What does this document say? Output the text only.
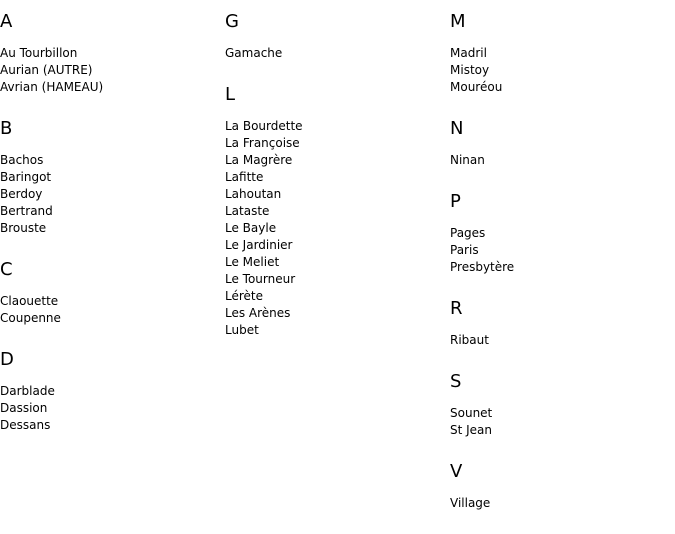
A
Au Tourbillon
Aurian (AUTRE)
Avrian (HAMEAU)
B
Bachos
Baringot
Berdoy
Bertrand
Brouste
C
Claouette
Coupenne
D
Darblade
Dassion
Dessans
G
Gamache
L
La Bourdette
La Françoise
La Magrère
Lafitte
Lahoutan
Lataste
Le Bayle
Le Jardinier
Le Meliet
Le Tourneur
Lérète
Les Arènes
Lubet
M
Madril
Mistoy
Mouréou
N
Ninan
P
Pages
Paris
Presbytère
R
Ribaut
S
Sounet
St Jean
V
Village
